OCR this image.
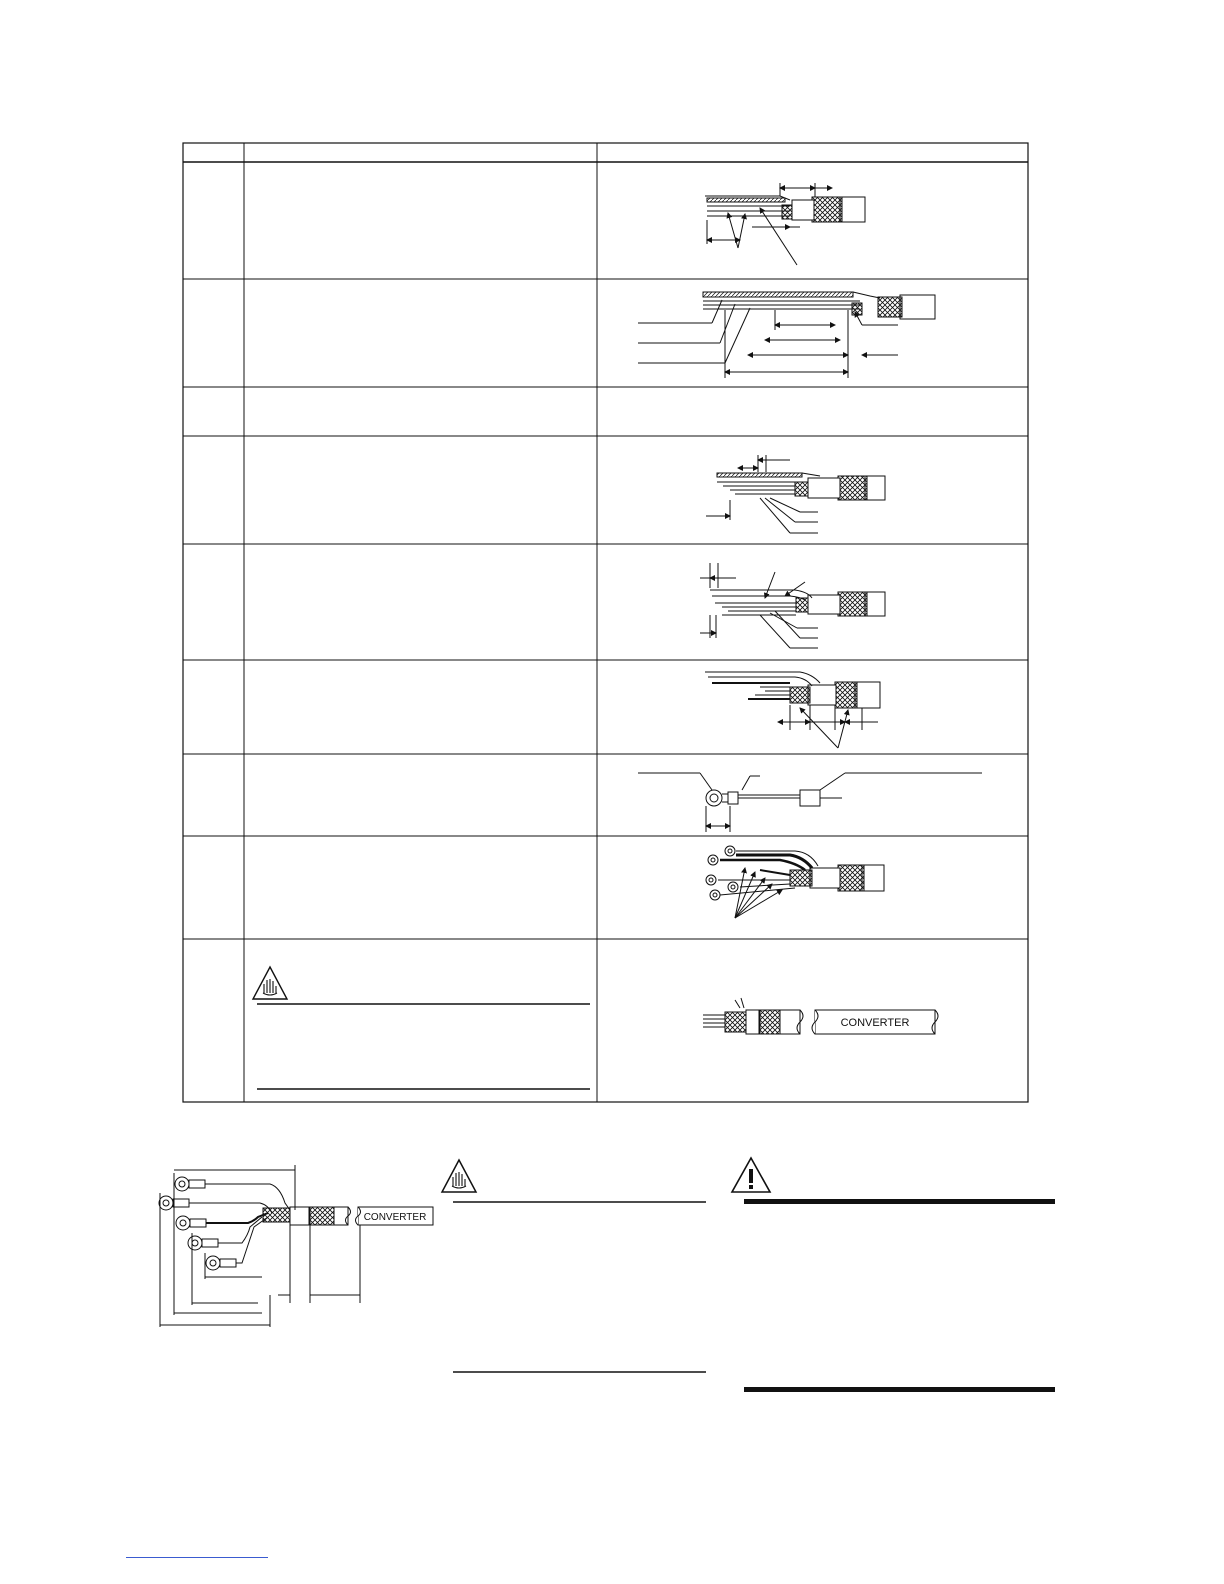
CONVERTER
CONVERTER
